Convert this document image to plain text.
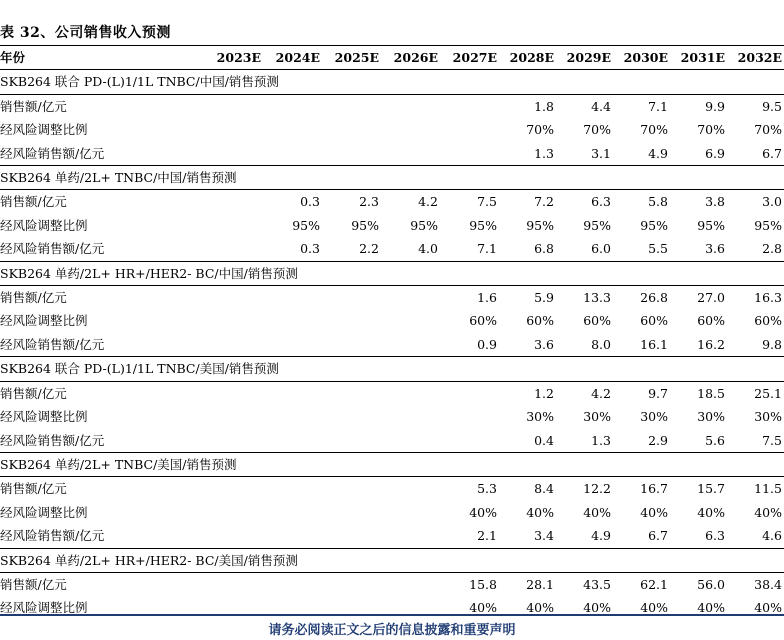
表 32、公司销售收入预测
年份	2023E	2024E	2025E	2026E	2027E	2028E	2029E	2030E	2031E	2032E
SKB264 联合 PD-(L)1/1L TNBC/中国/销售预测										
销售额/亿元						1.8	4.4	7.1	9.9	9.5
经风险调整比例						70%	70%	70%	70%	70%
经风险销售额/亿元						1.3	3.1	4.9	6.9	6.7
SKB264 单药/2L+ TNBC/中国/销售预测										
销售额/亿元		0.3	2.3	4.2	7.5	7.2	6.3	5.8	3.8	3.0
经风险调整比例		95%	95%	95%	95%	95%	95%	95%	95%	95%
经风险销售额/亿元		0.3	2.2	4.0	7.1	6.8	6.0	5.5	3.6	2.8
SKB264 单药/2L+ HR+/HER2- BC/中国/销售预测										
销售额/亿元					1.6	5.9	13.3	26.8	27.0	16.3
经风险调整比例					60%	60%	60%	60%	60%	60%
经风险销售额/亿元					0.9	3.6	8.0	16.1	16.2	9.8
SKB264 联合 PD-(L)1/1L TNBC/美国/销售预测										
销售额/亿元						1.2	4.2	9.7	18.5	25.1
经风险调整比例						30%	30%	30%	30%	30%
经风险销售额/亿元						0.4	1.3	2.9	5.6	7.5
SKB264 单药/2L+ TNBC/美国/销售预测										
销售额/亿元					5.3	8.4	12.2	16.7	15.7	11.5
经风险调整比例					40%	40%	40%	40%	40%	40%
经风险销售额/亿元					2.1	3.4	4.9	6.7	6.3	4.6
SKB264 单药/2L+ HR+/HER2- BC/美国/销售预测										
销售额/亿元					15.8	28.1	43.5	62.1	56.0	38.4
经风险调整比例					40%	40%	40%	40%	40%	40%
请务必阅读正文之后的信息披露和重要声明
